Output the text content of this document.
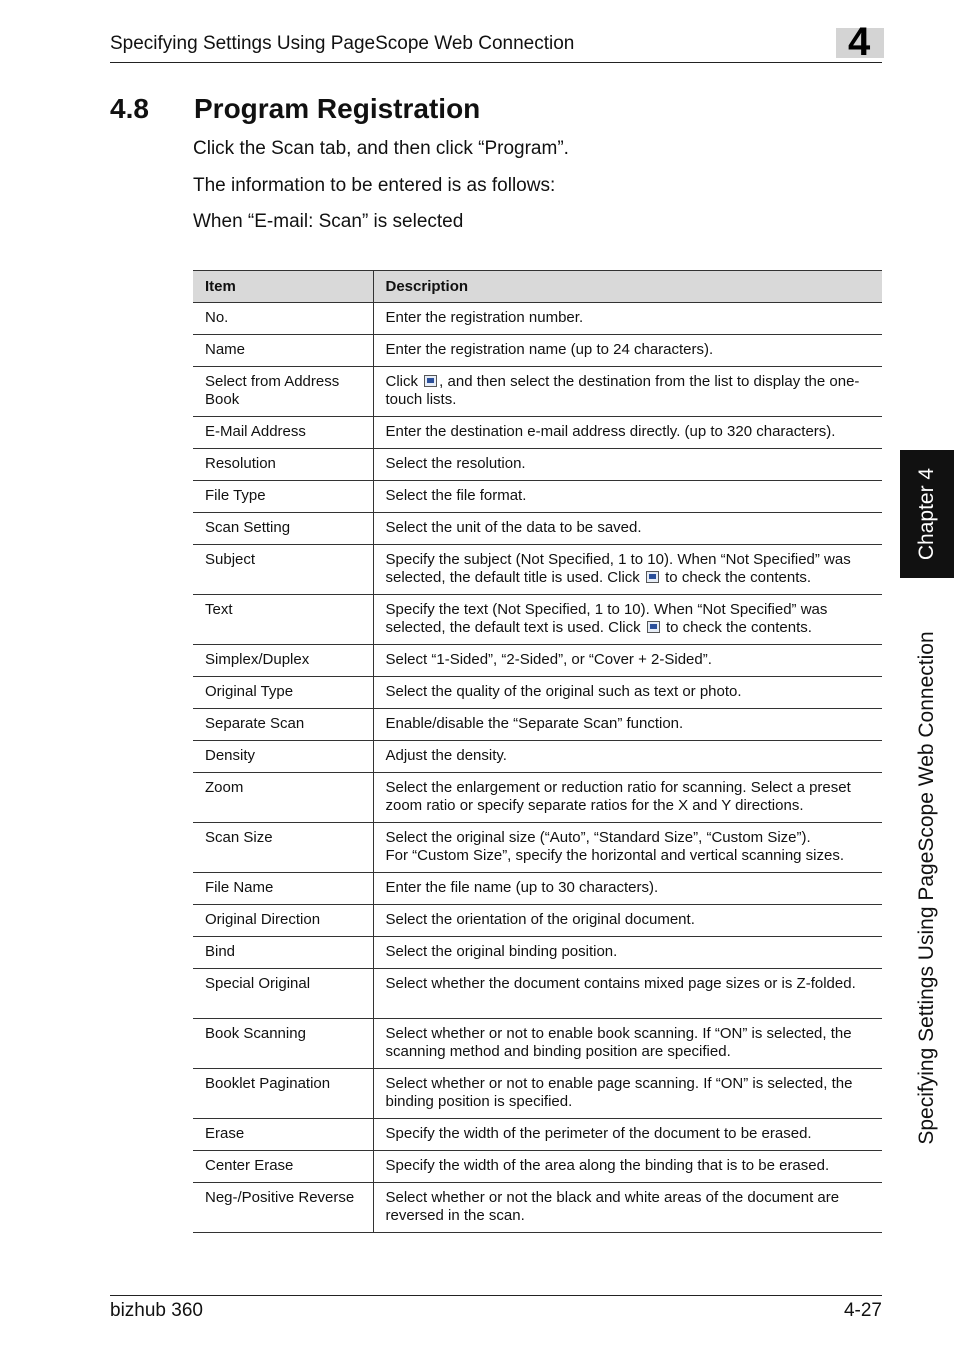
Specifying Settings Using PageScope Web Connection	4
4.8 Program Registration
Click the Scan tab, and then click “Program”.
The information to be entered is as follows:
When “E-mail: Scan” is selected
Item	Description
No.	Enter the registration number.
Name	Enter the registration name (up to 24 characters).
Select from Address Book	Click , and then select the destination from the list to display the one-touch lists.
E-Mail Address	Enter the destination e-mail address directly. (up to 320 characters).
Resolution	Select the resolution.
File Type	Select the file format.
Scan Setting	Select the unit of the data to be saved.
Subject	Specify the subject (Not Specified, 1 to 10). When “Not Specified” was selected, the default title is used. Click  to check the contents.
Text	Specify the text (Not Specified, 1 to 10). When “Not Specified” was selected, the default text is used. Click  to check the contents.
Simplex/Duplex	Select “1-Sided”, “2-Sided”, or “Cover + 2-Sided”.
Original Type	Select the quality of the original such as text or photo.
Separate Scan	Enable/disable the “Separate Scan” function.
Density	Adjust the density.
Zoom	Select the enlargement or reduction ratio for scanning. Select a preset zoom ratio or specify separate ratios for the X and Y directions.
Scan Size	Select the original size (“Auto”, “Standard Size”, “Custom Size”).
For “Custom Size”, specify the horizontal and vertical scanning sizes.

File Name	Enter the file name (up to 30 characters).
Original Direction	Select the orientation of the original document.
Bind	Select the original binding position.
Special Original	Select whether the document contains mixed page sizes or is Z-folded.
Book Scanning	Select whether or not to enable book scanning. If “ON” is selected, the scanning method and binding position are specified.
Booklet Pagination	Select whether or not to enable page scanning. If “ON” is selected, the binding position is specified.
Erase	Specify the width of the perimeter of the document to be erased.
Center Erase	Specify the width of the area along the binding that is to be erased.
Neg-/Positive Reverse	Select whether or not the black and white areas of the document are reversed in the scan.
Chapter 4
Specifying Settings Using PageScope Web Connection
bizhub 360	4-27
